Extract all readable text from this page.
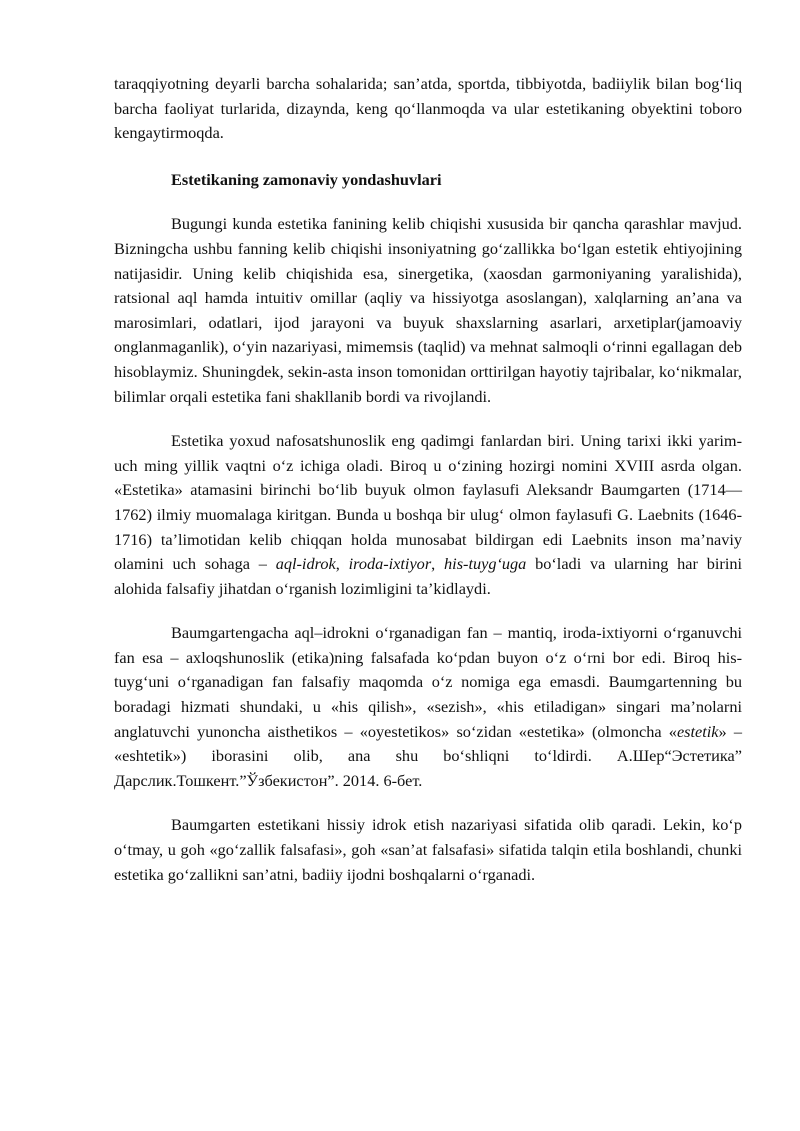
taraqqiyotning deyarli barcha sohalarida; san’atda, sportda, tibbiyotda, badiiylik bilan bog‘liq barcha faoliyat turlarida, dizaynda, keng qo‘llanmoqda va ular estetikaning obyektini toboro kengaytirmoqda.

Estetikaning zamonaviy yondashuvlari

Bugungi kunda estetika fanining kelib chiqishi xususida bir qancha qarashlar mavjud. Bizningcha ushbu fanning kelib chiqishi insoniyatning go‘zallikka bo‘lgan estetik ehtiyojining natijasidir. Uning kelib chiqishida esa, sinergetika, (xaosdan garmoniyaning yaralishida), ratsional aql hamda intuitiv omillar (aqliy va hissiyotga asoslangan), xalqlarning an’ana va marosimlari, odatlari, ijod jarayoni va buyuk shaxslarning asarlari, arxetiplar(jamoaviy onglanmaganlik), o‘yin nazariyasi, mimemsis (taqlid) va mehnat salmoqli o‘rinni egallagan deb hisoblaymiz. Shuningdek, sekin-asta inson tomonidan orttirilgan hayotiy tajribalar, ko‘nikmalar, bilimlar orqali estetika fani shakllanib bordi va rivojlandi.

Estetika yoxud nafosatshunoslik eng qadimgi fanlardan biri. Uning tarixi ikki yarim-uch ming yillik vaqtni o‘z ichiga oladi. Biroq u o‘zining hozirgi nomini XVIII asrda olgan. «Estetika» atamasini birinchi bo‘lib buyuk olmon faylasufi Aleksandr Baumgarten (1714—1762) ilmiy muomalaga kiritgan. Bunda u boshqa bir ulug‘ olmon faylasufi G. Laebnits (1646-1716) ta’limotidan kelib chiqqan holda munosabat bildirgan edi Laebnits inson ma’naviy olamini uch sohaga – aql-idrok, iroda-ixtiyor, his-tuyg‘uga bo‘ladi va ularning har birini alohida falsafiy jihatdan o‘rganish lozimligini ta’kidlaydi.

Baumgartengacha aql–idrokni o‘rganadigan fan – mantiq, iroda-ixtiyorni o‘rganuvchi fan esa – axloqshunoslik (etika)ning falsafada ko‘pdan buyon o‘z o‘rni bor edi. Biroq his-tuyg‘uni o‘rganadigan fan falsafiy maqomda o‘z nomiga ega emasdi. Baumgartenning bu boradagi hizmati shundaki, u «his qilish», «sezish», «his etiladigan» singari ma’nolarni anglatuvchi yunoncha aisthetikos – «oyestetikos» so‘zidan «estetika» (olmoncha «estetik» – «eshtetik») iborasini olib, ana shu bo‘shliqni to‘ldirdi. А.Шер“Эстетика” Дарслик.Тошкент.”Ўзбекистон”. 2014. 6-бет.

Baumgarten estetikani hissiy idrok etish nazariyasi sifatida olib qaradi. Lekin, ko‘p o‘tmay, u goh «go‘zallik falsafasi», goh «san’at falsafasi» sifatida talqin etila boshlandi, chunki estetika go‘zallikni san’atni, badiiy ijodni boshqalarni o‘rganadi.
